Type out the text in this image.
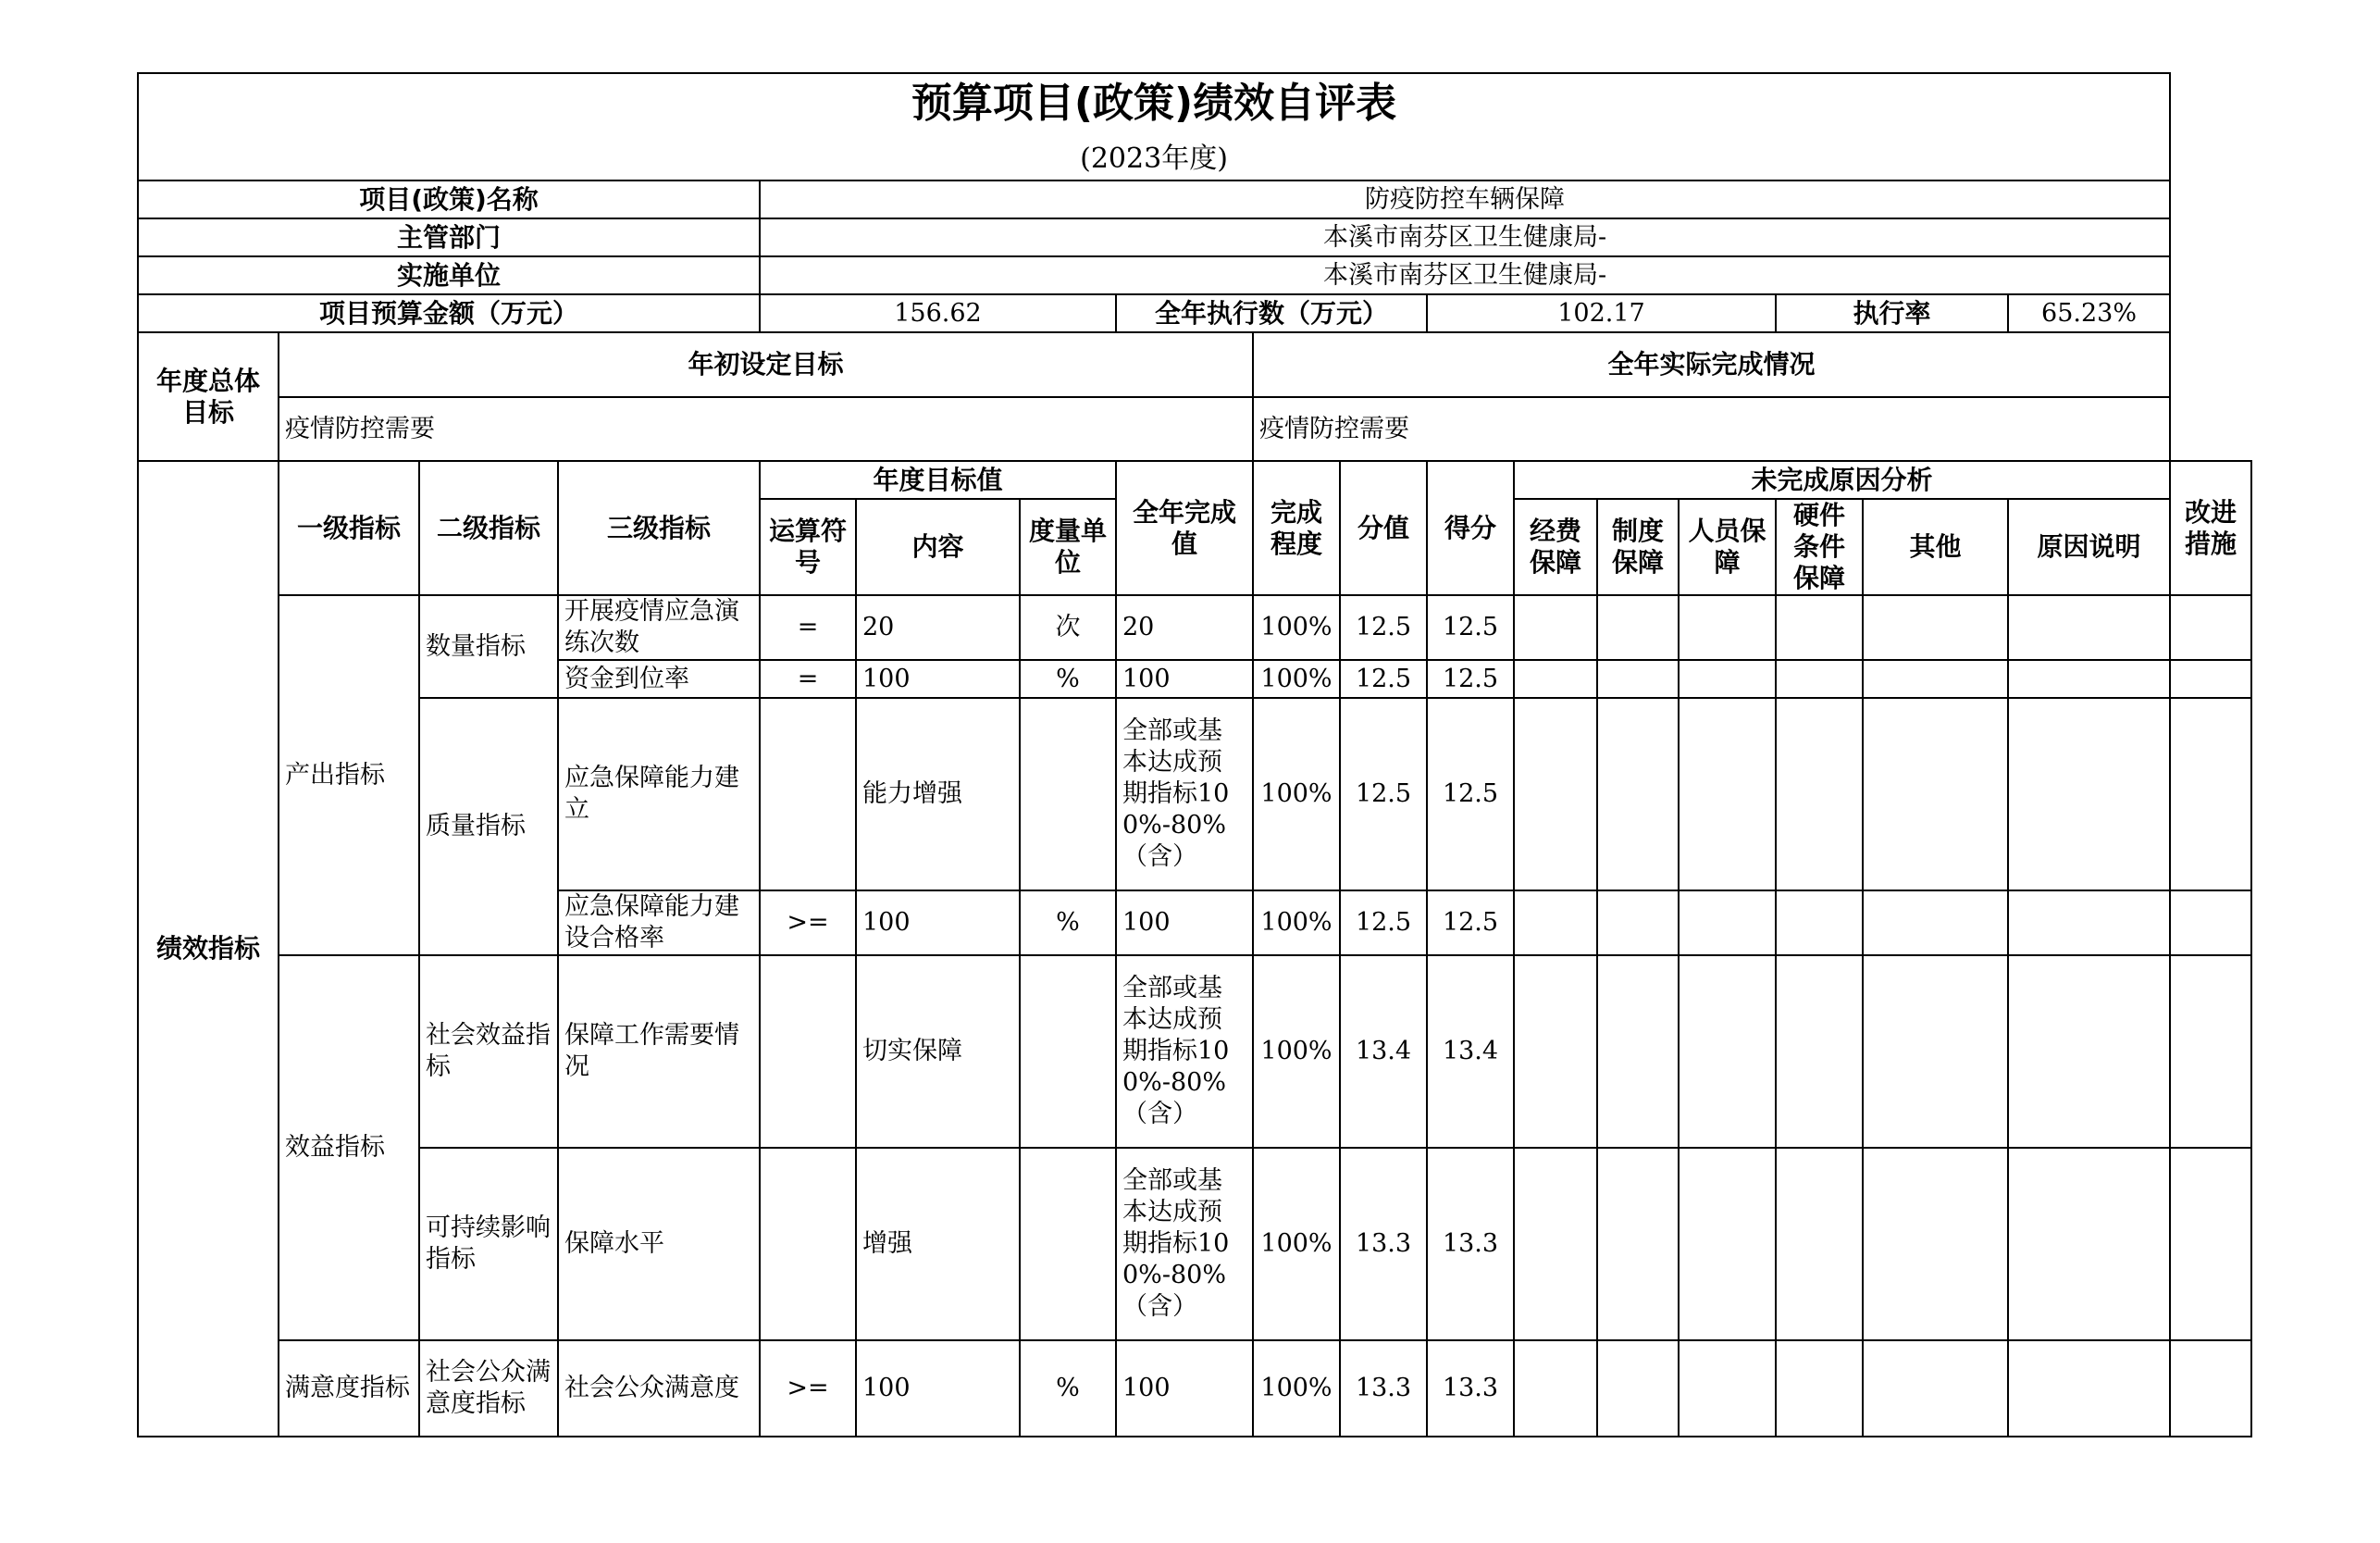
预算项目(政策)绩效自评表																	
(2023年度)																	
项目(政策)名称				防疫防控车辆保障													
主管部门				本溪市南芬区卫生健康局-													
实施单位				本溪市南芬区卫生健康局-													
项目预算金额（万元）				156.62			全年执行数（万元）			102.17				执行率		65.23%	
年度总体目标	年初设定目标							全年实际完成情况									
	疫情防控需要							疫情防控需要									
绩效指标	一级指标	二级指标	三级指标	年度目标值			全年完成值	完成程度	分值	得分	未完成原因分析						改进措施
				运算符号	内容	度量单位					经费保障	制度保障	人员保障	硬件条件保障	其他	原因说明	
	产出指标	数量指标	开展疫情应急演练次数	=	20	次	20	100%	12.5	12.5							
			资金到位率	=	100	%	100	100%	12.5	12.5							
		质量指标	应急保障能力建立		能力增强		全部或基本达成预期指标100%-80%（含）	100%	12.5	12.5							
			应急保障能力建设合格率	>=	100	%	100	100%	12.5	12.5							
	效益指标	社会效益指标	保障工作需要情况		切实保障		全部或基本达成预期指标100%-80%（含）	100%	13.4	13.4							
		可持续影响指标	保障水平		增强		全部或基本达成预期指标100%-80%（含）	100%	13.3	13.3							
	满意度指标	社会公众满意度指标	社会公众满意度	>=	100	%	100	100%	13.3	13.3							
